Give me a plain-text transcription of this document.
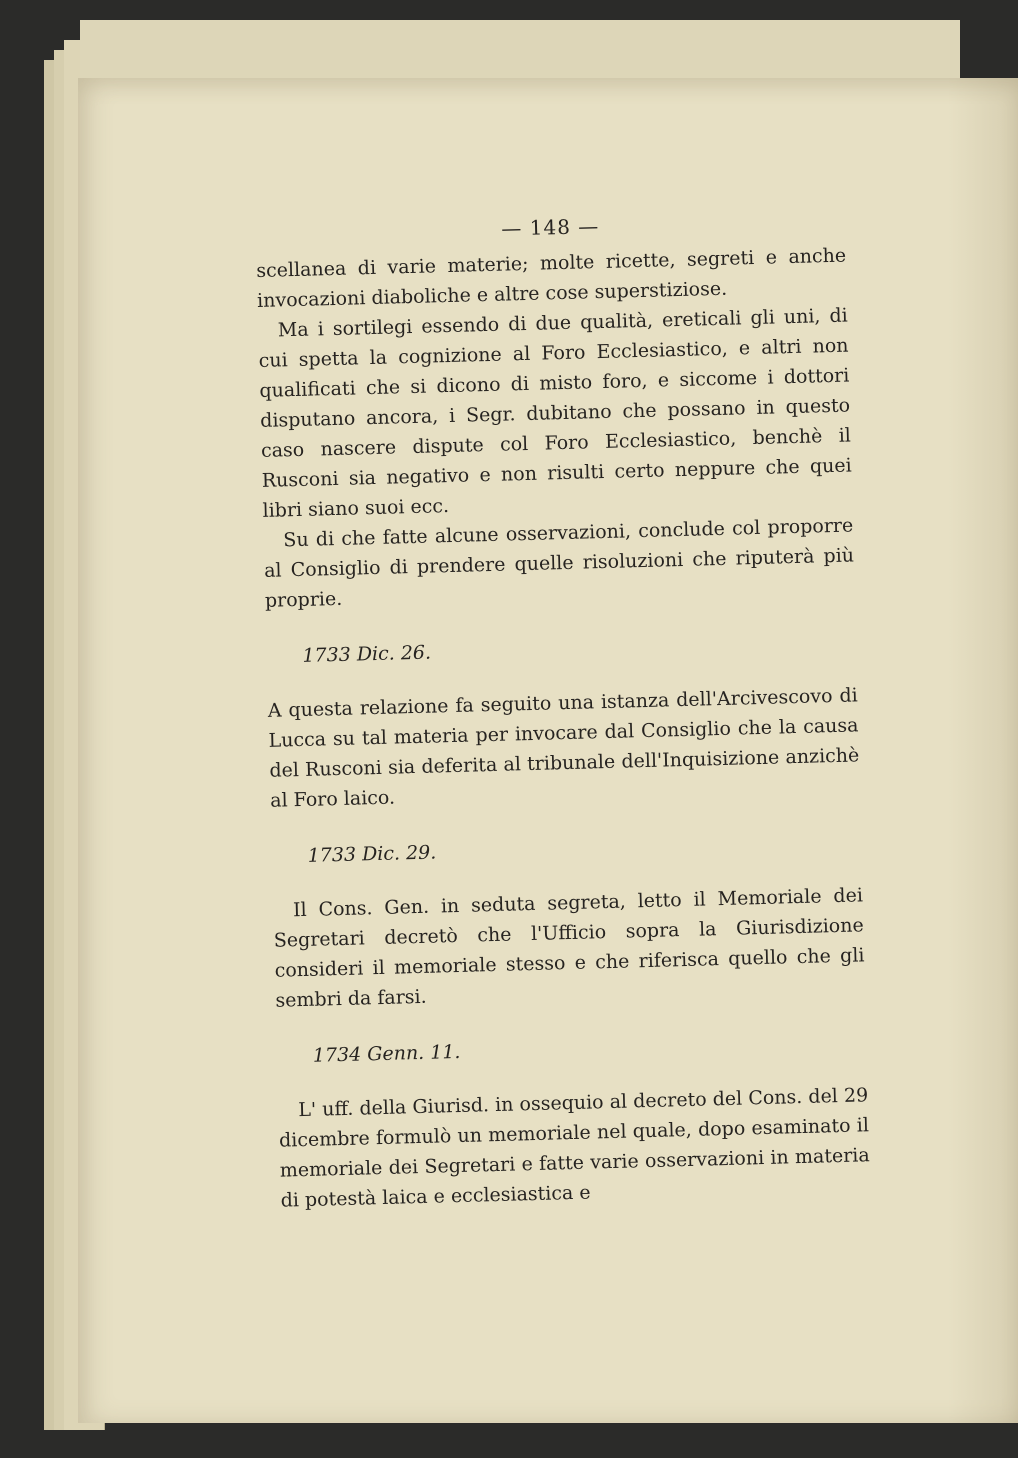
— 148 —

scellanea di varie materie; molte ricette, segreti e anche invocazioni diaboliche e altre cose superstiziose.

Ma i sortilegi essendo di due qualità, ereticali gli uni, di cui spetta la cognizione al Foro Ecclesiastico, e altri non qualificati che si dicono di misto foro, e siccome i dottori disputano ancora, i Segr. dubitano che possano in questo caso nascere dispute col Foro Ecclesiastico, benchè il Rusconi sia negativo e non risulti certo neppure che quei libri siano suoi ecc.

Su di che fatte alcune osservazioni, conclude col proporre al Consiglio di prendere quelle risoluzioni che riputerà più proprie.

1733 Dic. 26.

A questa relazione fa seguito una istanza dell'Arcivescovo di Lucca su tal materia per invocare dal Consiglio che la causa del Rusconi sia deferita al tribunale dell'Inquisizione anzichè al Foro laico.

1733 Dic. 29.

Il Cons. Gen. in seduta segreta, letto il Memoriale dei Segretari decretò che l'Ufficio sopra la Giurisdizione consideri il memoriale stesso e che riferisca quello che gli sembri da farsi.

1734 Genn. 11.

L' uff. della Giurisd. in ossequio al decreto del Cons. del 29 dicembre formulò un memoriale nel quale, dopo esaminato il memoriale dei Segretari e fatte varie osservazioni in materia di potestà laica e ecclesiastica e
